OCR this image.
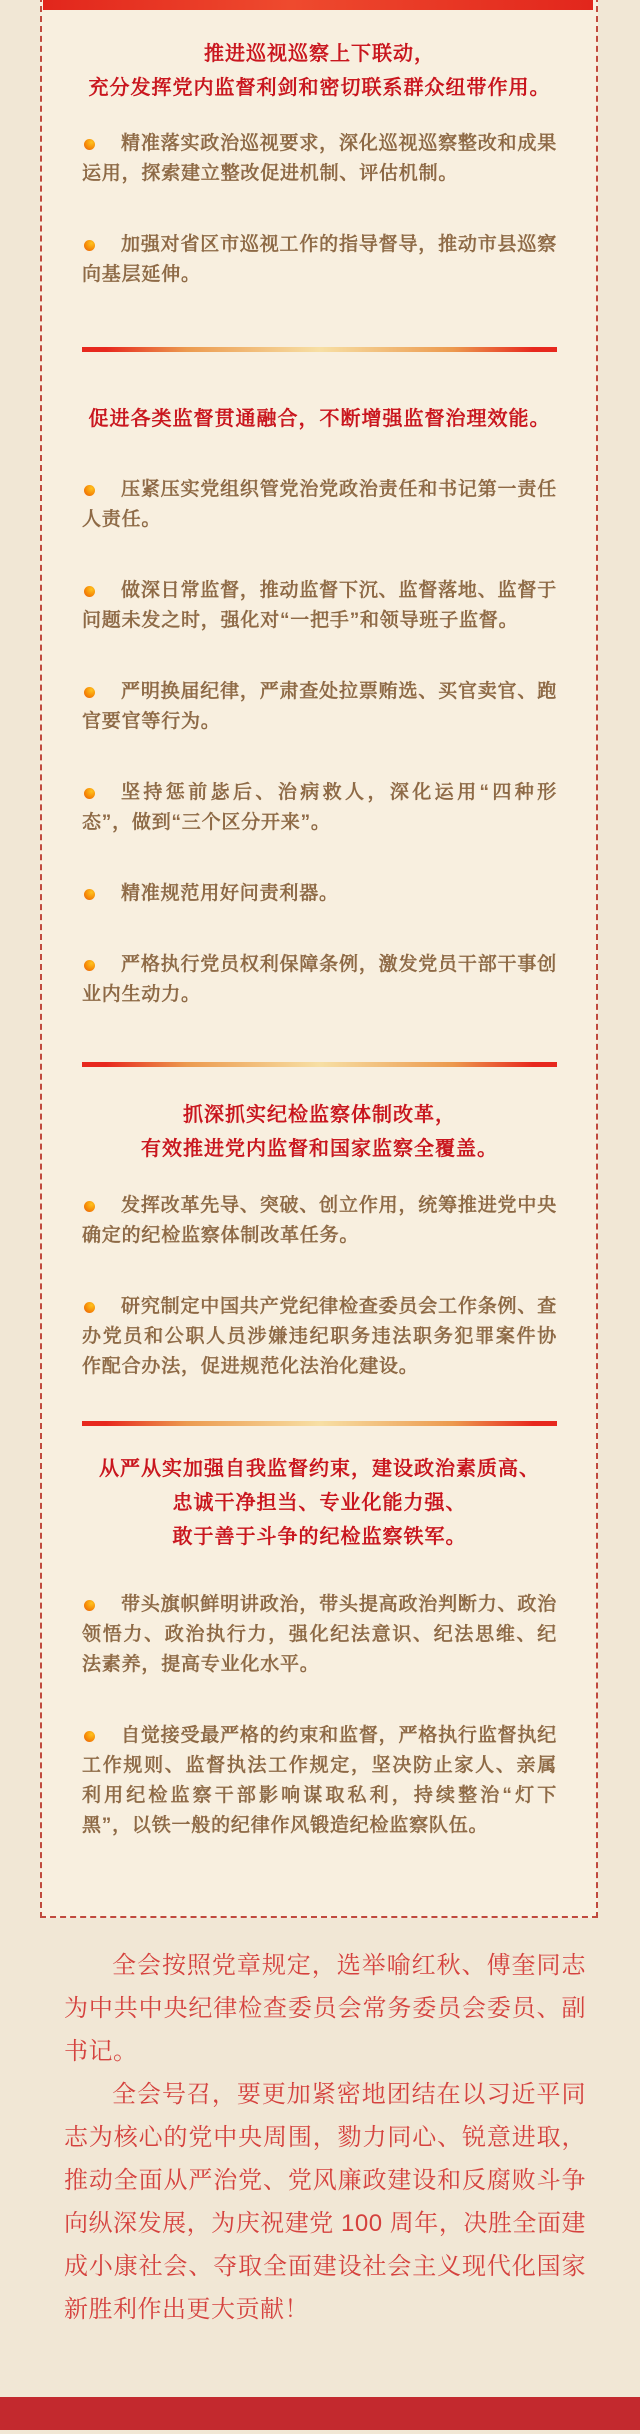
推进巡视巡察上下联动，
充分发挥党内监督利剑和密切联系群众纽带作用。

精准落实政治巡视要求，深化巡视巡察整改和成果运用，探索建立整改促进机制、评估机制。

加强对省区市巡视工作的指导督导，推动市县巡察向基层延伸。

促进各类监督贯通融合，不断增强监督治理效能。

压紧压实党组织管党治党政治责任和书记第一责任人责任。

做深日常监督，推动监督下沉、监督落地、监督于问题未发之时，强化对“一把手”和领导班子监督。

严明换届纪律，严肃查处拉票贿选、买官卖官、跑官要官等行为。

坚持惩前毖后、治病救人，深化运用“四种形态”，做到“三个区分开来”。

精准规范用好问责利器。

严格执行党员权利保障条例，激发党员干部干事创业内生动力。

抓深抓实纪检监察体制改革，
有效推进党内监督和国家监察全覆盖。

发挥改革先导、突破、创立作用，统筹推进党中央确定的纪检监察体制改革任务。

研究制定中国共产党纪律检查委员会工作条例、查办党员和公职人员涉嫌违纪职务违法职务犯罪案件协作配合办法，促进规范化法治化建设。

从严从实加强自我监督约束，建设政治素质高、
忠诚干净担当、专业化能力强、
敢于善于斗争的纪检监察铁军。

带头旗帜鲜明讲政治，带头提高政治判断力、政治领悟力、政治执行力，强化纪法意识、纪法思维、纪法素养，提高专业化水平。

自觉接受最严格的约束和监督，严格执行监督执纪工作规则、监督执法工作规定，坚决防止家人、亲属利用纪检监察干部影响谋取私利，持续整治“灯下黑”，以铁一般的纪律作风锻造纪检监察队伍。

全会按照党章规定，选举喻红秋、傅奎同志为中共中央纪律检查委员会常务委员会委员、副书记。

全会号召，要更加紧密地团结在以习近平同志为核心的党中央周围，勠力同心、锐意进取，推动全面从严治党、党风廉政建设和反腐败斗争向纵深发展，为庆祝建党 100 周年，决胜全面建成小康社会、夺取全面建设社会主义现代化国家新胜利作出更大贡献！
